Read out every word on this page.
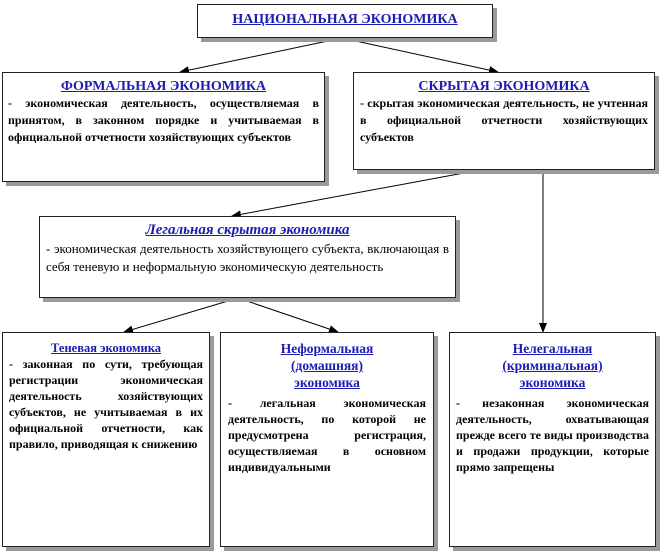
НАЦИОНАЛЬНАЯ ЭКОНОМИКА

ФОРМАЛЬНАЯ ЭКОНОМИКА

- экономическая деятельность, осуществляемая в принятом, в законном порядке и учитываемая в официальной отчетности хозяйствующих субъектов

СКРЫТАЯ ЭКОНОМИКА

- скрытая экономическая деятельность, не учтенная в официальной отчетности хозяйствующих субъектов

Легальная скрытая экономика

- экономическая деятельность хозяйствующего субъекта, включающая в себя теневую и неформальную экономическую деятельность

Теневая экономика

- законная по сути, требующая регистрации экономическая деятельность хозяйствующих субъектов, не учитываемая в их официальной отчетности, как правило, приводящая к снижению

Неформальная (домашняя) экономика

- легальная экономическая деятельность, по которой не предусмотрена регистрация, осуществляемая в основном индивидуальными

Нелегальная (криминальная) экономика

- незаконная экономическая деятельность, охватывающая прежде всего те виды производства и продажи продукции, которые прямо запрещены
